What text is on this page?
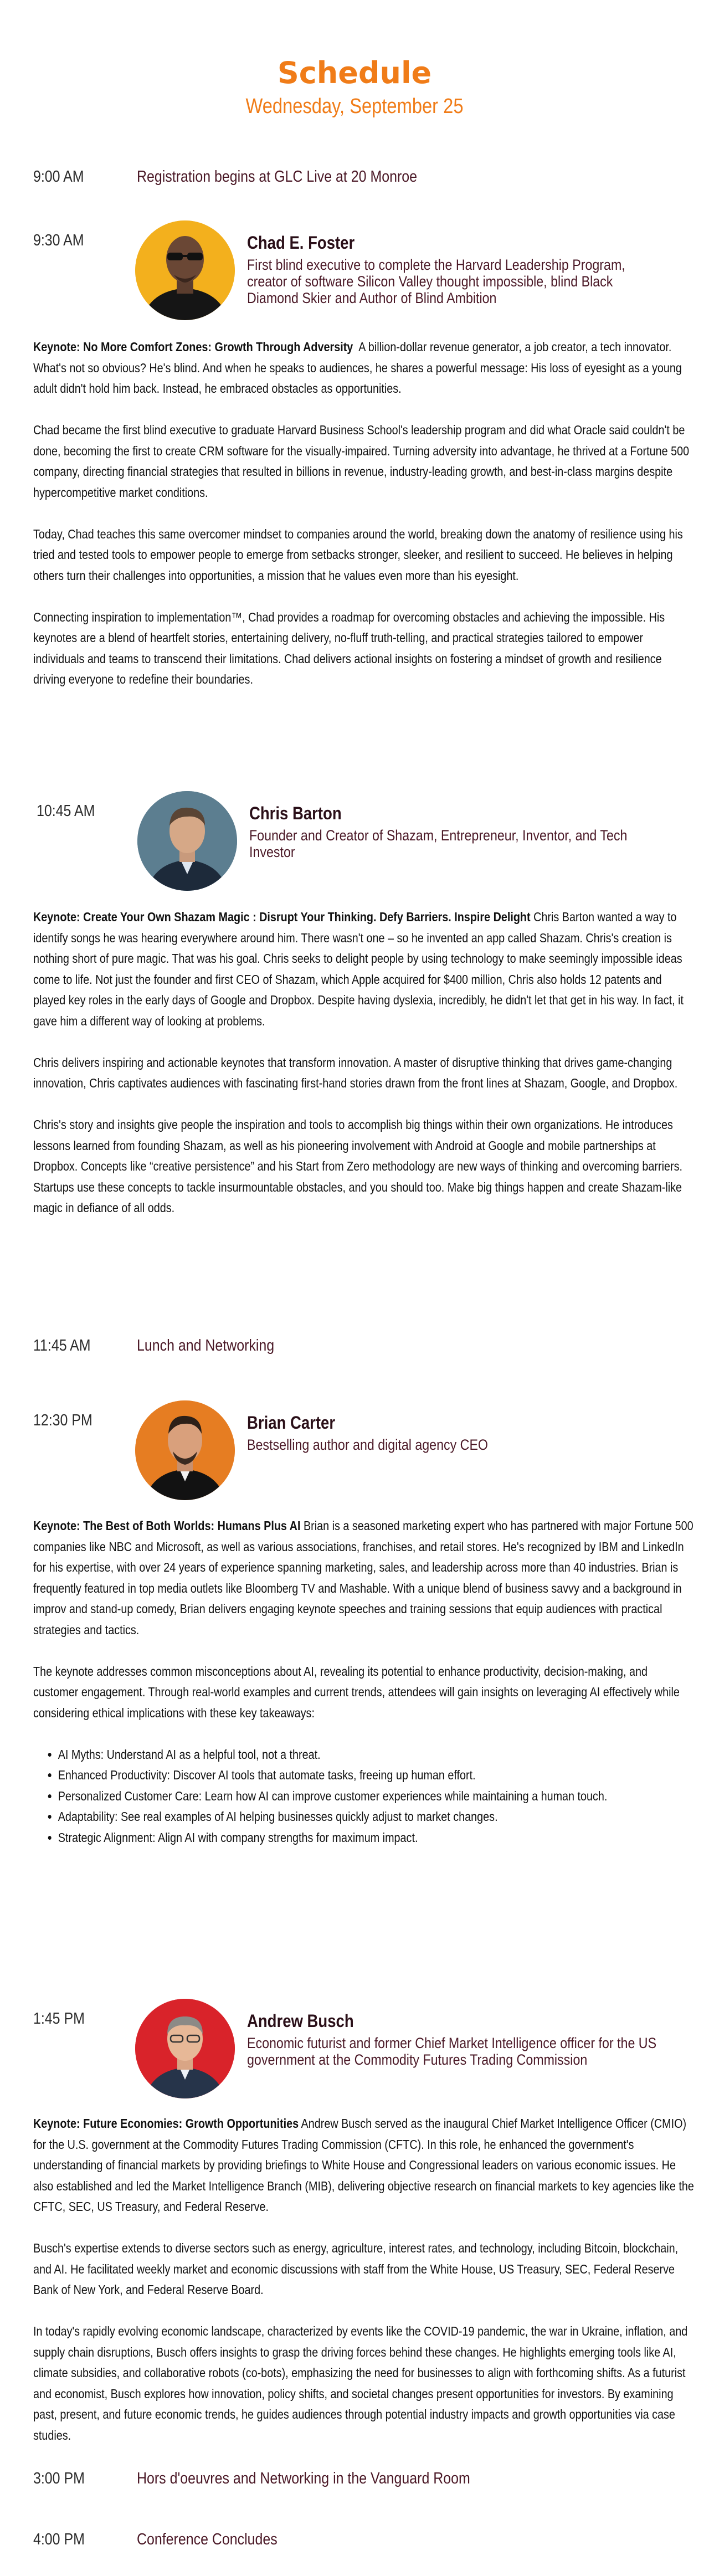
Schedule
Wednesday, September 25
9:00 AM	Registration begins at GLC Live at 20 Monroe
9:30 AM	Chad E. Foster
First blind executive to complete the Harvard Leadership Program, creator of software Silicon Valley thought impossible, blind Black Diamond Skier and Author of Blind Ambition

Keynote: No More Comfort Zones: Growth Through Adversity A billion-dollar revenue generator, a job creator, a tech innovator. What's not so obvious? He's blind. And when he speaks to audiences, he shares a powerful message: His loss of eyesight as a young adult didn't hold him back. Instead, he embraced obstacles as opportunities.

Chad became the first blind executive to graduate Harvard Business School's leadership program and did what Oracle said couldn't be done, becoming the first to create CRM software for the visually-impaired. Turning adversity into advantage, he thrived at a Fortune 500 company, directing financial strategies that resulted in billions in revenue, industry-leading growth, and best-in-class margins despite hypercompetitive market conditions.

Today, Chad teaches this same overcomer mindset to companies around the world, breaking down the anatomy of resilience using his tried and tested tools to empower people to emerge from setbacks stronger, sleeker, and resilient to succeed. He believes in helping others turn their challenges into opportunities, a mission that he values even more than his eyesight.

Connecting inspiration to implementation™, Chad provides a roadmap for overcoming obstacles and achieving the impossible. His keynotes are a blend of heartfelt stories, entertaining delivery, no-fluff truth-telling, and practical strategies tailored to empower individuals and teams to transcend their limitations. Chad delivers actional insights on fostering a mindset of growth and resilience driving everyone to redefine their boundaries.

10:45 AM	Chris Barton
Founder and Creator of Shazam, Entrepreneur, Inventor, and Tech Investor

Keynote: Create Your Own Shazam Magic : Disrupt Your Thinking. Defy Barriers. Inspire Delight Chris Barton wanted a way to identify songs he was hearing everywhere around him. There wasn't one – so he invented an app called Shazam. Chris's creation is nothing short of pure magic. That was his goal. Chris seeks to delight people by using technology to make seemingly impossible ideas come to life. Not just the founder and first CEO of Shazam, which Apple acquired for $400 million, Chris also holds 12 patents and played key roles in the early days of Google and Dropbox. Despite having dyslexia, incredibly, he didn't let that get in his way. In fact, it gave him a different way of looking at problems.

Chris delivers inspiring and actionable keynotes that transform innovation. A master of disruptive thinking that drives game-changing innovation, Chris captivates audiences with fascinating first-hand stories drawn from the front lines at Shazam, Google, and Dropbox.

Chris's story and insights give people the inspiration and tools to accomplish big things within their own organizations. He introduces lessons learned from founding Shazam, as well as his pioneering involvement with Android at Google and mobile partnerships at Dropbox. Concepts like “creative persistence” and his Start from Zero methodology are new ways of thinking and overcoming barriers. Startups use these concepts to tackle insurmountable obstacles, and you should too. Make big things happen and create Shazam-like magic in defiance of all odds.

11:45 AM	Lunch and Networking
12:30 PM	Brian Carter
Bestselling author and digital agency CEO

Keynote: The Best of Both Worlds: Humans Plus AI Brian is a seasoned marketing expert who has partnered with major Fortune 500 companies like NBC and Microsoft, as well as various associations, franchises, and retail stores. He's recognized by IBM and LinkedIn for his expertise, with over 24 years of experience spanning marketing, sales, and leadership across more than 40 industries. Brian is frequently featured in top media outlets like Bloomberg TV and Mashable. With a unique blend of business savvy and a background in improv and stand-up comedy, Brian delivers engaging keynote speeches and training sessions that equip audiences with practical strategies and tactics.

The keynote addresses common misconceptions about AI, revealing its potential to enhance productivity, decision-making, and customer engagement. Through real-world examples and current trends, attendees will gain insights on leveraging AI effectively while considering ethical implications with these key takeaways:

• AI Myths: Understand AI as a helpful tool, not a threat.
• Enhanced Productivity: Discover AI tools that automate tasks, freeing up human effort.
• Personalized Customer Care: Learn how AI can improve customer experiences while maintaining a human touch.
• Adaptability: See real examples of AI helping businesses quickly adjust to market changes.
• Strategic Alignment: Align AI with company strengths for maximum impact.
1:45 PM	Andrew Busch
Economic futurist and former Chief Market Intelligence officer for the US government at the Commodity Futures Trading Commission

Keynote: Future Economies: Growth Opportunities Andrew Busch served as the inaugural Chief Market Intelligence Officer (CMIO) for the U.S. government at the Commodity Futures Trading Commission (CFTC). In this role, he enhanced the government's understanding of financial markets by providing briefings to White House and Congressional leaders on various economic issues. He also established and led the Market Intelligence Branch (MIB), delivering objective research on financial markets to key agencies like the CFTC, SEC, US Treasury, and Federal Reserve.

Busch's expertise extends to diverse sectors such as energy, agriculture, interest rates, and technology, including Bitcoin, blockchain, and AI. He facilitated weekly market and economic discussions with staff from the White House, US Treasury, SEC, Federal Reserve Bank of New York, and Federal Reserve Board.

In today's rapidly evolving economic landscape, characterized by events like the COVID-19 pandemic, the war in Ukraine, inflation, and supply chain disruptions, Busch offers insights to grasp the driving forces behind these changes. He highlights emerging tools like AI, climate subsidies, and collaborative robots (co-bots), emphasizing the need for businesses to align with forthcoming shifts. As a futurist and economist, Busch explores how innovation, policy shifts, and societal changes present opportunities for investors. By examining past, present, and future economic trends, he guides audiences through potential industry impacts and growth opportunities via case studies.

3:00 PM	Hors d'oeuvres and Networking in the Vanguard Room
4:00 PM	Conference Concludes
